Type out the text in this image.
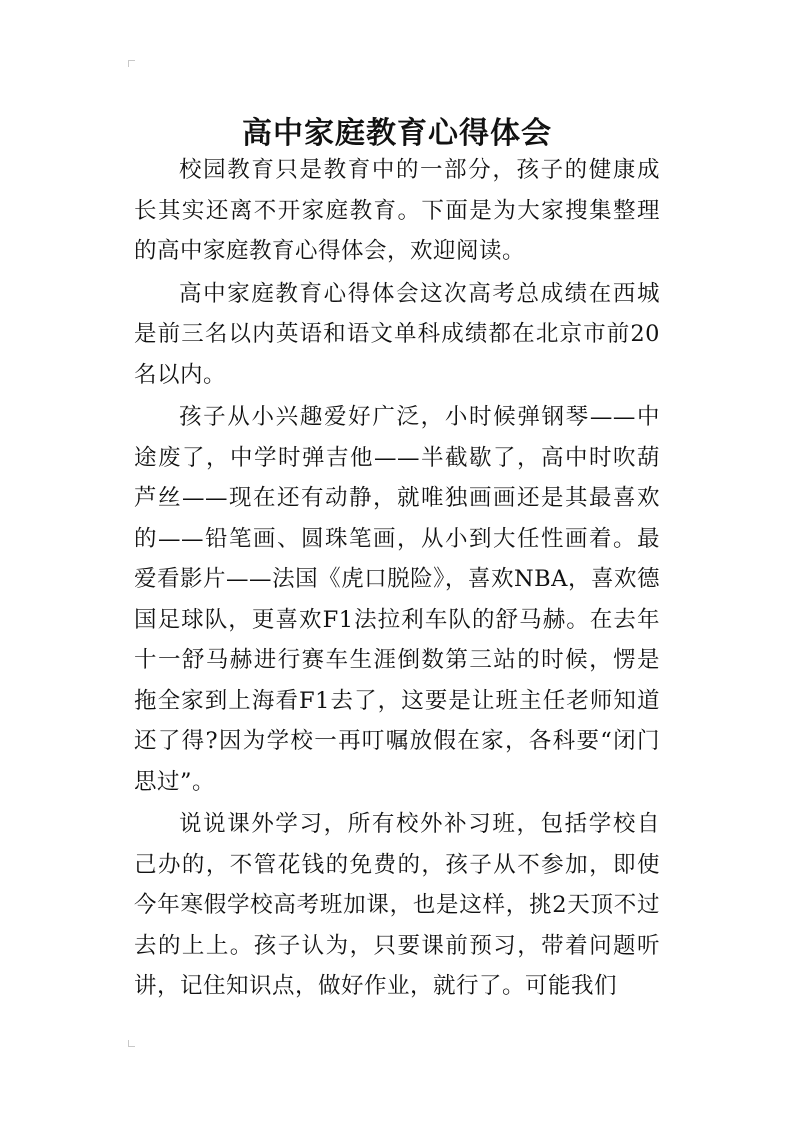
高中家庭教育心得体会

校园教育只是教育中的一部分，孩子的健康成长其实还离不开家庭教育。下面是为大家搜集整理的高中家庭教育心得体会，欢迎阅读。

高中家庭教育心得体会这次高考总成绩在西城是前三名以内英语和语文单科成绩都在北京市前20名以内。

孩子从小兴趣爱好广泛，小时候弹钢琴——中途废了，中学时弹吉他——半截歇了，高中时吹葫芦丝——现在还有动静，就唯独画画还是其最喜欢的——铅笔画、圆珠笔画，从小到大任性画着。最爱看影片——法国《虎口脱险》，喜欢NBA，喜欢德国足球队，更喜欢F1法拉利车队的舒马赫。在去年十一舒马赫进行赛车生涯倒数第三站的时候，愣是拖全家到上海看F1去了，这要是让班主任老师知道还了得?因为学校一再叮嘱放假在家，各科要“闭门思过”。

说说课外学习，所有校外补习班，包括学校自己办的，不管花钱的免费的，孩子从不参加，即使今年寒假学校高考班加课，也是这样，挑2天顶不过去的上上。孩子认为，只要课前预习，带着问题听讲，记住知识点，做好作业，就行了。可能我们
